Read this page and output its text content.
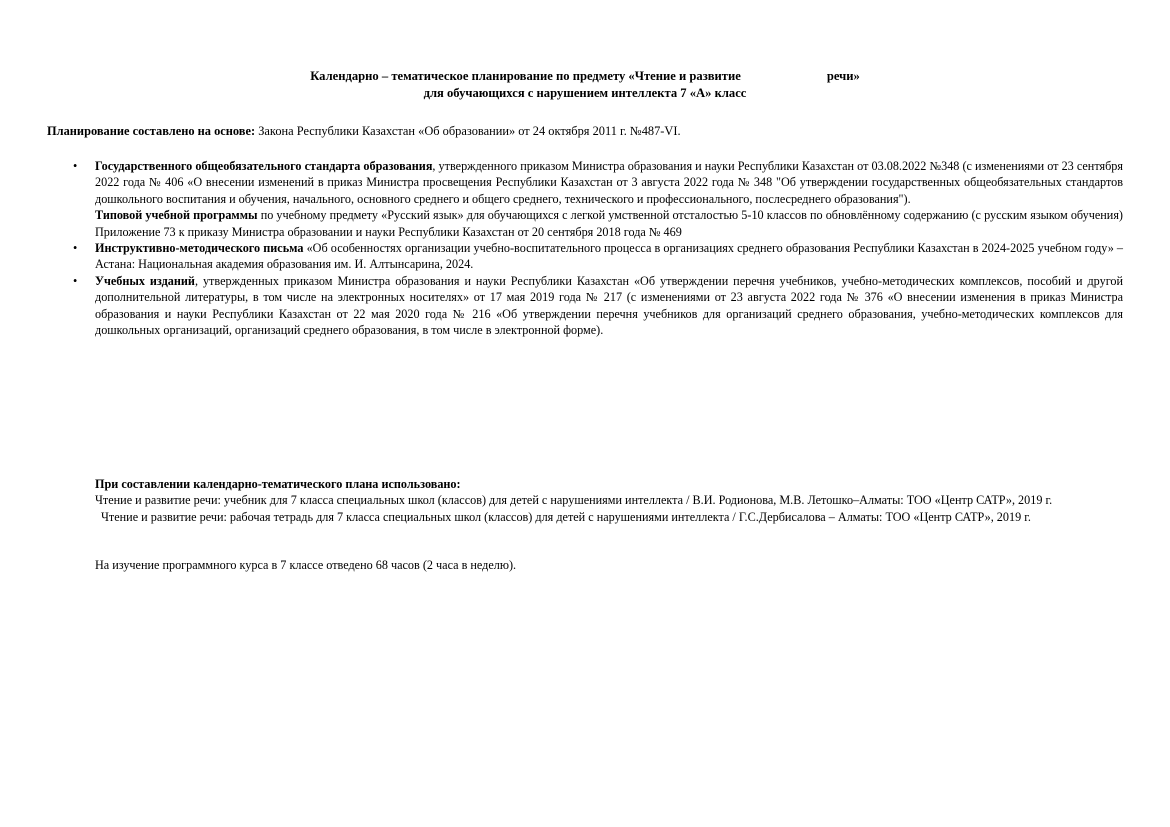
Календарно – тематическое планирование по предмету «Чтение и развитие	речи»
для обучающихся с нарушением интеллекта 7 «А» класс
Планирование составлено на основе: Закона Республики Казахстан «Об образовании» от 24 октября 2011 г. №487-VI.

• Государственного общеобязательного стандарта образования, утвержденного приказом Министра образования и науки Республики Казахстан от 03.08.2022 №348 (с изменениями от 23 сентября 2022 года № 406 «О внесении изменений в приказ Министра просвещения Республики Казахстан от 3 августа 2022 года № 348 "Об утверждении государственных общеобязательных стандартов дошкольного воспитания и обучения, начального, основного среднего и общего среднего, технического и профессионального, послесреднего образования").

Типовой учебной программы по учебному предмету «Русский язык» для обучающихся с легкой умственной отсталостью 5-10 классов по обновлённому содержанию (с русским языком обучения) Приложение 73 к приказу Министра образовании и науки Республики Казахстан от 20 сентября 2018 года № 469

• Инструктивно-методического письма «Об особенностях организации учебно-воспитательного процесса в организациях среднего образования Республики Казахстан в 2024-2025 учебном году» – Астана: Национальная академия образования им. И. Алтынсарина, 2024.

• Учебных изданий, утвержденных приказом Министра образования и науки Республики Казахстан «Об утверждении перечня учебников, учебно-методических комплексов, пособий и другой дополнительной литературы, в том числе на электронных носителях» от 17 мая 2019 года № 217 (с изменениями от 23 августа 2022 года № 376 «О внесении изменения в приказ Министра образования и науки Республики Казахстан от 22 мая 2020 года № 216 «Об утверждении перечня учебников для организаций среднего образования, учебно-методических комплексов для дошкольных организаций, организаций среднего образования, в том числе в электронной форме).

При составлении календарно-тематического плана использовано:

Чтение и развитие речи: учебник для 7 класса специальных школ (классов) для детей с нарушениями интеллекта / В.И. Родионова, М.В. Летошко–Алматы: ТОО «Центр САТР», 2019 г.

Чтение и развитие речи: рабочая тетрадь для 7 класса специальных школ (классов) для детей с нарушениями интеллекта / Г.С.Дербисалова – Алматы: ТОО «Центр САТР», 2019 г.

На изучение программного курса в 7 классе отведено 68 часов (2 часа в неделю).
